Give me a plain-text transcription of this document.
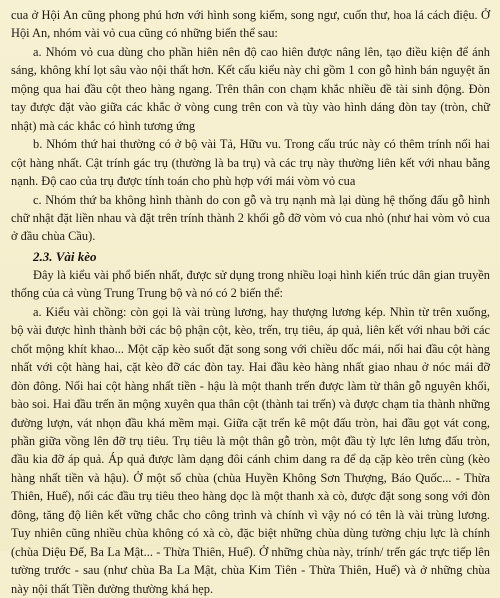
cua ở Hội An cũng phong phú hơn với hình song kiếm, song ngư, cuốn thư, hoa lá cách điệu. Ở Hội An, nhóm vài vỏ cua cũng có những biến thể sau:

a. Nhóm vỏ cua dùng cho phần hiên nên độ cao hiên được nâng lên, tạo điều kiện để ánh sáng, không khí lọt sâu vào nội thất hơn. Kết cấu kiểu này chỉ gồm 1 con gỗ hình bán nguyệt ăn mộng qua hai đầu cột theo hàng ngang. Trên thân con chạm khắc nhiều đề tài sinh động. Đòn tay được đặt vào giữa các khắc ở vòng cung trên con và tùy vào hình dáng đòn tay (tròn, chữ nhật) mà các khắc có hình tương ứng

b. Nhóm thứ hai thường có ở bộ vài Tả, Hữu vu. Trong cấu trúc này có thêm trính nối hai cột hàng nhất. Cật trính gác trụ (thường là ba trụ) và các trụ này thường liên kết với nhau bằng nạnh. Độ cao của trụ được tính toán cho phù hợp với mái vòm vỏ cua

c. Nhóm thứ ba không hình thành do con gỗ và trụ nạnh mà lại dùng hệ thống đấu gỗ hình chữ nhật đặt liền nhau và đặt trên trính thành 2 khối gỗ đỡ vòm vỏ cua nhỏ (như hai vòm vỏ cua ở đầu chùa Cầu).

2.3. Vài kèo

Đây là kiểu vài phổ biến nhất, được sử dụng trong nhiều loại hình kiến trúc dân gian truyền thống của cả vùng Trung Trung bộ và nó có 2 biến thể:

a. Kiểu vài chồng: còn gọi là vài trùng lương, hay thượng lương kép. Nhìn từ trên xuống, bộ vài được hình thành bởi các bộ phận cột, kèo, trến, trụ tiêu, áp quả, liên kết với nhau bởi các chốt mộng khít khao... Một cặp kèo suốt đặt song song với chiều dốc mái, nối hai đầu cột hàng nhất với cột hàng hai, cặt kèo đỡ các đòn tay. Hai đầu kèo hàng nhất giao nhau ở nóc mái đỡ đòn đông. Nối hai cột hàng nhất tiền - hậu là một thanh trến được làm từ thân gỗ nguyên khối, bào soi. Hai đầu trến ăn mộng xuyên qua thân cột (thành tai trến) và được chạm tỉa thành những đường lượn, vát nhọn đầu khá mềm mại. Giữa cặt trến kê một đấu tròn, hai đầu gọt vát cong, phần giữa vồng lên đỡ trụ tiêu. Trụ tiêu là một thân gỗ tròn, một đầu tỳ lực lên lưng đấu tròn, đầu kia đỡ áp quả. Áp quả được làm dạng đôi cánh chim dang ra để dạ cặp kèo trên cùng (kèo hàng nhất tiền và hậu). Ở một số chùa (chùa Huyền Không Sơn Thượng, Báo Quốc... - Thừa Thiên, Huế), nối các đầu trụ tiêu theo hàng dọc là một thanh xà cò, được đặt song song với đòn đông, tăng độ liên kết vững chắc cho công trình và chính vì vậy nó có tên là vài trùng lương. Tuy nhiên cũng nhiều chùa không có xà cò, đặc biệt những chùa dùng tường chịu lực là chính (chùa Diệu Đế, Ba La Mật... - Thừa Thiên, Huế). Ở những chùa này, trính/ trến gác trực tiếp lên tường trước - sau (như chùa Ba La Mật, chùa Kim Tiên - Thừa Thiên, Huế) và ở những chùa này nội thất Tiền đường thường khá hẹp.
